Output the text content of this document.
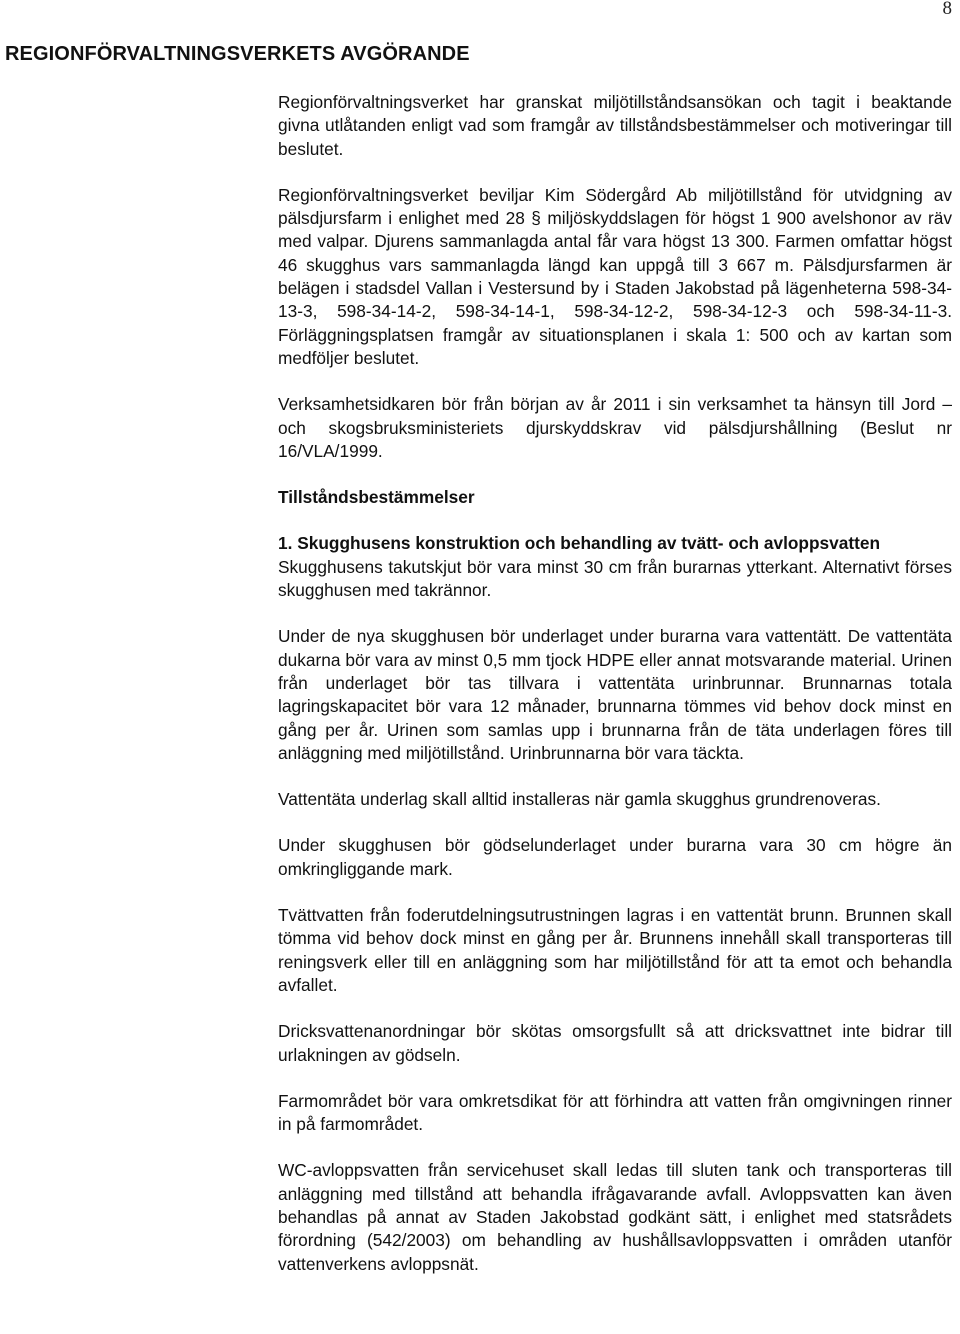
8
REGIONFÖRVALTNINGSVERKETS AVGÖRANDE

Regionförvaltningsverket har granskat miljötillståndsansökan och tagit i beaktande givna utlåtanden enligt vad som framgår av tillståndsbestämmelser och motiveringar till beslutet.

Regionförvaltningsverket beviljar Kim Södergård Ab miljötillstånd för utvidgning av pälsdjursfarm i enlighet med 28 § miljöskyddslagen för högst 1 900 avelshonor av räv med valpar. Djurens sammanlagda antal får vara högst 13 300. Farmen omfattar högst 46 skugghus vars sammanlagda längd kan uppgå till 3 667 m. Pälsdjursfarmen är belägen i stadsdel Vallan i Vestersund by i Staden Jakobstad på lägenheterna 598-34-13-3, 598-34-14-2, 598-34-14-1, 598-34-12-2, 598-34-12-3 och 598-34-11-3. Förläggningsplatsen framgår av situationsplanen i skala 1: 500 och av kartan som medföljer beslutet.

Verksamhetsidkaren bör från början av år 2011 i sin verksamhet ta hänsyn till Jord – och skogsbruksministeriets djurskyddskrav vid pälsdjurshållning (Beslut nr 16/VLA/1999.

Tillståndsbestämmelser
1. Skugghusens konstruktion och behandling av tvätt- och avloppsvatten

Skugghusens takutskjut bör vara minst 30 cm från burarnas ytterkant. Alternativt förses skugghusen med takrännor.

Under de nya skugghusen bör underlaget under burarna vara vattentätt. De vattentäta dukarna bör vara av minst 0,5 mm tjock HDPE eller annat motsvarande material. Urinen från underlaget bör tas tillvara i vattentäta urinbrunnar. Brunnarnas totala lagringskapacitet bör vara 12 månader, brunnarna tömmes vid behov dock minst en gång per år. Urinen som samlas upp i brunnarna från de täta underlagen föres till anläggning med miljötillstånd. Urinbrunnarna bör vara täckta.

Vattentäta underlag skall alltid installeras när gamla skugghus grundrenoveras.

Under skugghusen bör gödselunderlaget under burarna vara 30 cm högre än omkringliggande mark.

Tvättvatten från foderutdelningsutrustningen lagras i en vattentät brunn. Brunnen skall tömma vid behov dock minst en gång per år. Brunnens innehåll skall transporteras till reningsverk eller till en anläggning som har miljötillstånd för att ta emot och behandla avfallet.

Dricksvattenanordningar bör skötas omsorgsfullt så att dricksvattnet inte bidrar till urlakningen av gödseln.

Farmområdet bör vara omkretsdikat för att förhindra att vatten från omgivningen rinner in på farmområdet.

WC-avloppsvatten från servicehuset skall ledas till sluten tank och transporteras till anläggning med tillstånd att behandla ifrågavarande avfall. Avloppsvatten kan även behandlas på annat av Staden Jakobstad godkänt sätt, i enlighet med statsrådets förordning (542/2003) om behandling av hushållsavloppsvatten i områden utanför vattenverkens avloppsnät.
